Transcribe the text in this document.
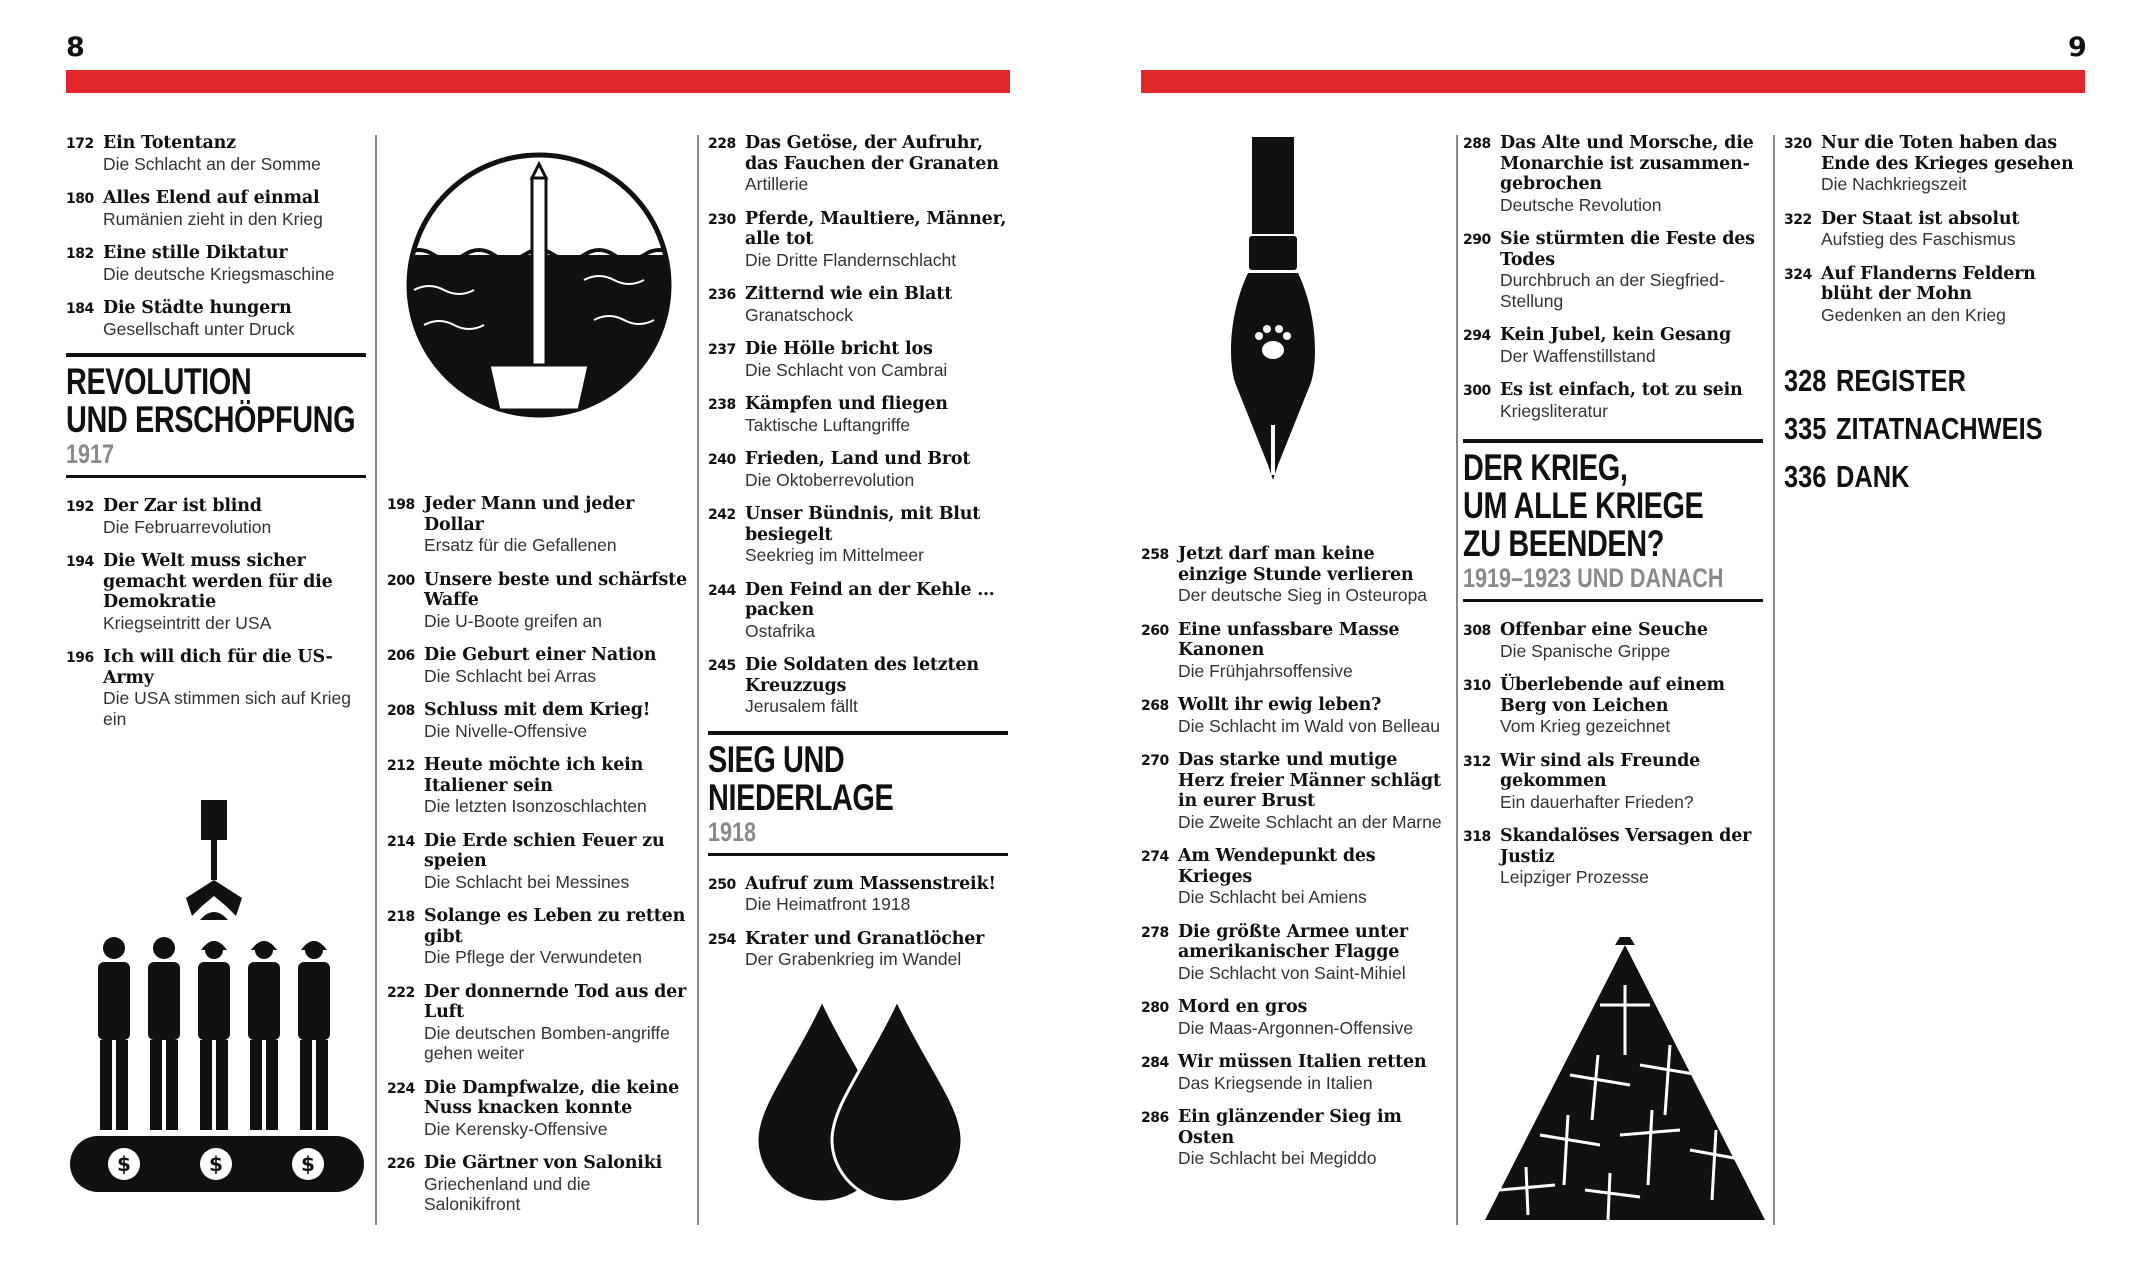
8	9
172 Ein Totentanz
Die Schlacht an der Somme
180 Alles Elend auf einmal
Rumänien zieht in den Krieg
182 Eine stille Diktatur
Die deutsche Kriegsmaschine
184 Die Städte hungern
Gesellschaft unter Druck
REVOLUTION
UND ERSCHÖPFUNG
1917
192 Der Zar ist blind
Die Februarrevolution
194 Die Welt muss sicher gemacht werden für die Demokratie
Kriegseintritt der USA
196 Ich will dich für die US-Army
Die USA stimmen sich auf Krieg ein
$	$	$
198 Jeder Mann und jeder Dollar
Ersatz für die Gefallenen
200 Unsere beste und schärfste Waffe
Die U-Boote greifen an
206 Die Geburt einer Nation
Die Schlacht bei Arras
208 Schluss mit dem Krieg!
Die Nivelle-Offensive
212 Heute möchte ich kein Italiener sein
Die letzten Isonzoschlachten
214 Die Erde schien Feuer zu speien
Die Schlacht bei Messines
218 Solange es Leben zu retten gibt
Die Pflege der Verwundeten
222 Der donnernde Tod aus der Luft
Die deutschen Bomben-angriffe gehen weiter
224 Die Dampfwalze, die keine Nuss knacken konnte
Die Kerensky-Offensive
226 Die Gärtner von Saloniki
Griechenland und die Salonikifront
228 Das Getöse, der Aufruhr, das Fauchen der Granaten
Artillerie
230 Pferde, Maultiere, Männer, alle tot
Die Dritte Flandernschlacht
236 Zitternd wie ein Blatt
Granatschock
237 Die Hölle bricht los
Die Schlacht von Cambrai
238 Kämpfen und fliegen
Taktische Luftangriffe
240 Frieden, Land und Brot
Die Oktoberrevolution
242 Unser Bündnis, mit Blut besiegelt
Seekrieg im Mittelmeer
244 Den Feind an der Kehle … packen
Ostafrika
245 Die Soldaten des letzten Kreuzzugs
Jerusalem fällt
SIEG UND
NIEDERLAGE
1918
250 Aufruf zum Massenstreik!
Die Heimatfront 1918
254 Krater und Granatlöcher
Der Grabenkrieg im Wandel
258 Jetzt darf man keine einzige Stunde verlieren
Der deutsche Sieg in Osteuropa
260 Eine unfassbare Masse Kanonen
Die Frühjahrsoffensive
268 Wollt ihr ewig leben?
Die Schlacht im Wald von Belleau
270 Das starke und mutige Herz freier Männer schlägt in eurer Brust
Die Zweite Schlacht an der Marne
274 Am Wendepunkt des Krieges
Die Schlacht bei Amiens
278 Die größte Armee unter amerikanischer Flagge
Die Schlacht von Saint-Mihiel
280 Mord en gros
Die Maas-Argonnen-Offensive
284 Wir müssen Italien retten
Das Kriegsende in Italien
286 Ein glänzender Sieg im Osten
Die Schlacht bei Megiddo
288 Das Alte und Morsche, die Monarchie ist zusammen-gebrochen
Deutsche Revolution
290 Sie stürmten die Feste des Todes
Durchbruch an der Siegfried-Stellung
294 Kein Jubel, kein Gesang
Der Waffenstillstand
300 Es ist einfach, tot zu sein
Kriegsliteratur
DER KRIEG,
UM ALLE KRIEGE
ZU BEENDEN?
1919–1923 UND DANACH
308 Offenbar eine Seuche
Die Spanische Grippe
310 Überlebende auf einem Berg von Leichen
Vom Krieg gezeichnet
312 Wir sind als Freunde gekommen
Ein dauerhafter Frieden?
318 Skandalöses Versagen der Justiz
Leipziger Prozesse
320 Nur die Toten haben das Ende des Krieges gesehen
Die Nachkriegszeit
322 Der Staat ist absolut
Aufstieg des Faschismus
324 Auf Flanderns Feldern blüht der Mohn
Gedenken an den Krieg
328 REGISTER
335 ZITATNACHWEIS
336 DANK
